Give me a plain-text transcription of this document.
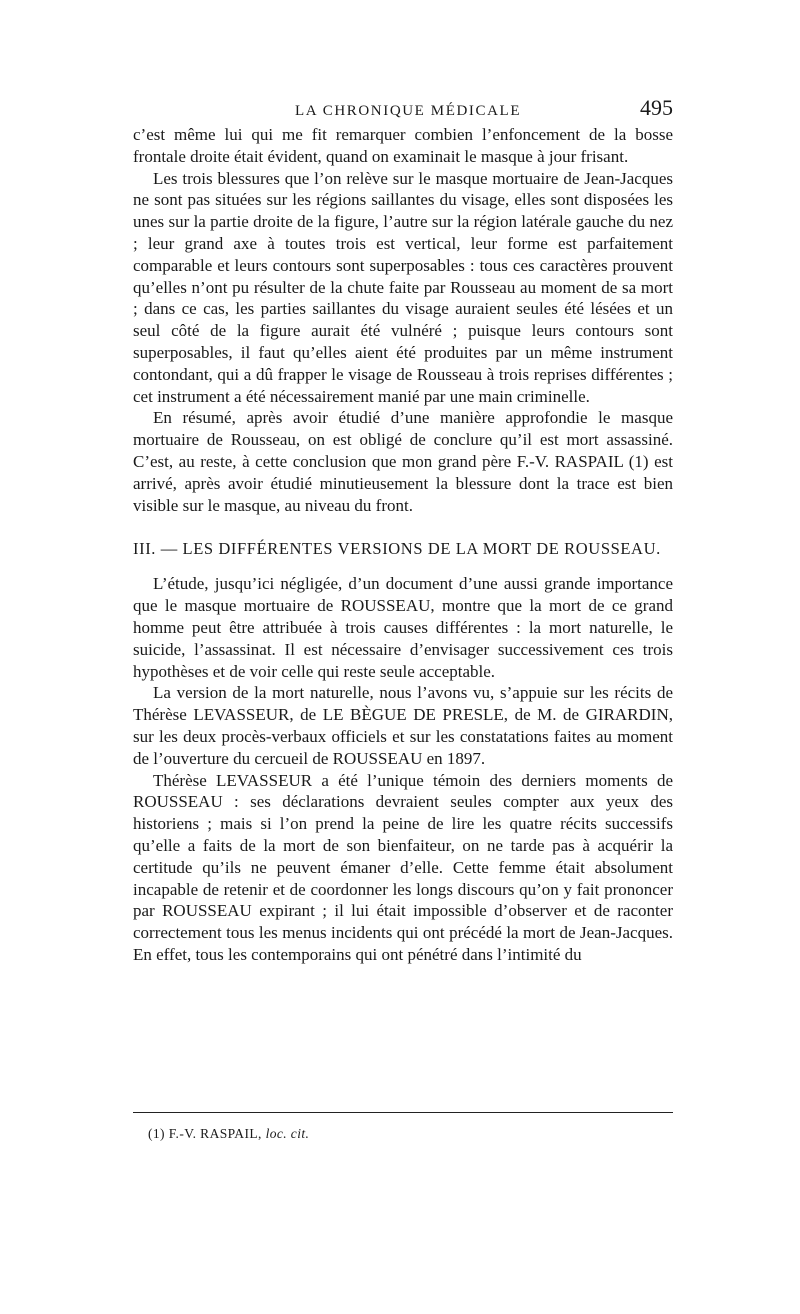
LA CHRONIQUE MÉDICALE	495

c’est même lui qui me fit remarquer combien l’enfoncement de la bosse frontale droite était évident, quand on examinait le masque à jour frisant.

Les trois blessures que l’on relève sur le masque mortuaire de Jean-Jacques ne sont pas situées sur les régions saillantes du visage, elles sont disposées les unes sur la partie droite de la figure, l’autre sur la région latérale gauche du nez ; leur grand axe à toutes trois est vertical, leur forme est parfaitement comparable et leurs contours sont superposables : tous ces caractères prouvent qu’elles n’ont pu résulter de la chute faite par Rousseau au moment de sa mort ; dans ce cas, les parties saillantes du visage auraient seules été lésées et un seul côté de la figure aurait été vulnéré ; puisque leurs contours sont superposables, il faut qu’elles aient été produites par un même instrument contondant, qui a dû frapper le visage de Rousseau à trois reprises différentes ; cet instrument a été nécessairement manié par une main criminelle.

En résumé, après avoir étudié d’une manière approfondie le masque mortuaire de Rousseau, on est obligé de conclure qu’il est mort assassiné. C’est, au reste, à cette conclusion que mon grand père F.-V. RASPAIL (1) est arrivé, après avoir étudié minutieusement la blessure dont la trace est bien visible sur le masque, au niveau du front.

III. — LES DIFFÉRENTES VERSIONS DE LA MORT DE ROUSSEAU.

L’étude, jusqu’ici négligée, d’un document d’une aussi grande importance que le masque mortuaire de ROUSSEAU, montre que la mort de ce grand homme peut être attribuée à trois causes différentes : la mort naturelle, le suicide, l’assassinat. Il est nécessaire d’envisager successivement ces trois hypothèses et de voir celle qui reste seule acceptable.

La version de la mort naturelle, nous l’avons vu, s’appuie sur les récits de Thérèse LEVASSEUR, de LE BÈGUE DE PRESLE, de M. de GIRARDIN, sur les deux procès-verbaux officiels et sur les constatations faites au moment de l’ouverture du cercueil de ROUSSEAU en 1897.

Thérèse LEVASSEUR a été l’unique témoin des derniers moments de ROUSSEAU : ses déclarations devraient seules compter aux yeux des historiens ; mais si l’on prend la peine de lire les quatre récits successifs qu’elle a faits de la mort de son bienfaiteur, on ne tarde pas à acquérir la certitude qu’ils ne peuvent émaner d’elle. Cette femme était absolument incapable de retenir et de coordonner les longs discours qu’on y fait prononcer par ROUSSEAU expirant ; il lui était impossible d’observer et de raconter correctement tous les menus incidents qui ont précédé la mort de Jean-Jacques. En effet, tous les contemporains qui ont pénétré dans l’intimité du

(1) F.-V. RASPAIL, loc. cit.
